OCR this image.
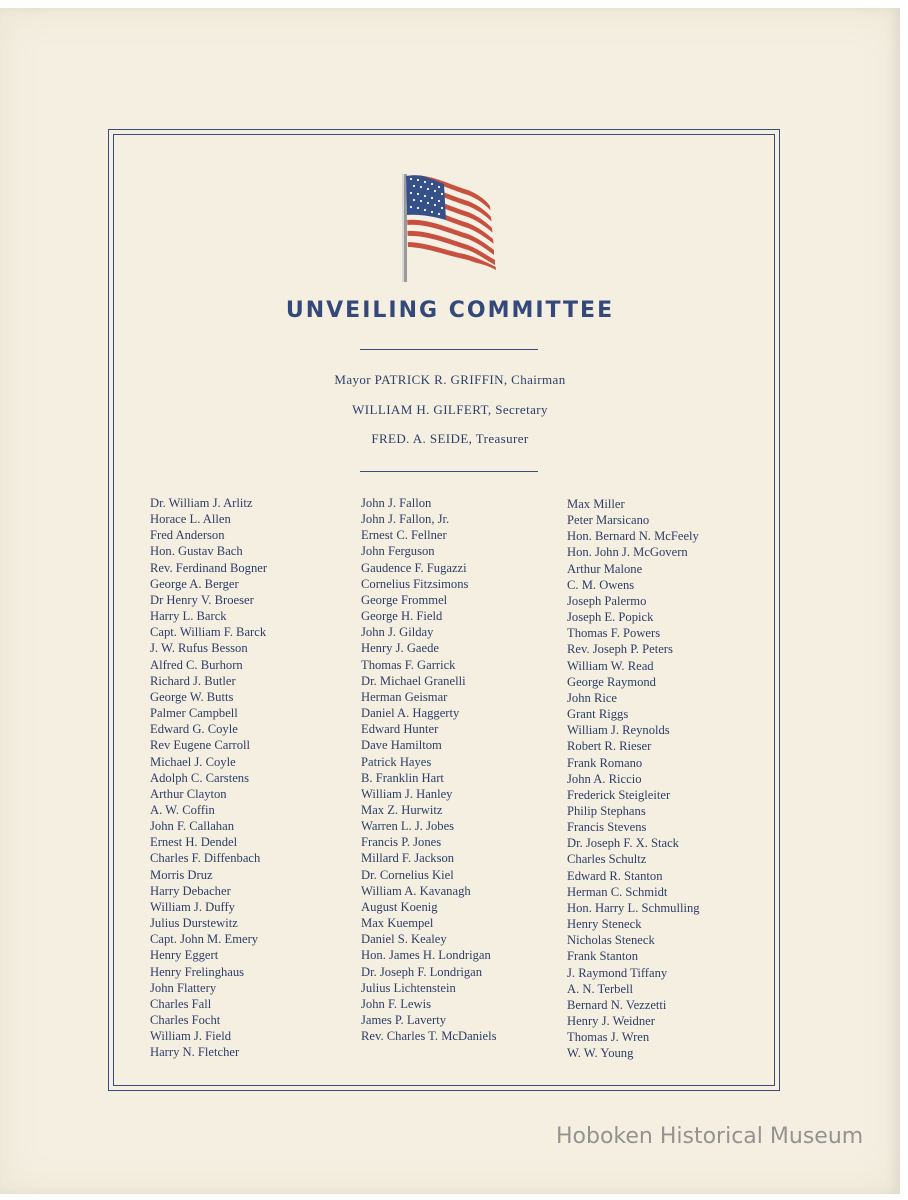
UNVEILING COMMITTEE
Mayor PATRICK R. GRIFFIN, Chairman
WILLIAM H. GILFERT, Secretary
FRED. A. SEIDE, Treasurer
Dr. William J. Arlitz
Horace L. Allen
Fred Anderson
Hon. Gustav Bach
Rev. Ferdinand Bogner
George A. Berger
Dr Henry V. Broeser
Harry L. Barck
Capt. William F. Barck
J. W. Rufus Besson
Alfred C. Burhorn
Richard J. Butler
George W. Butts
Palmer Campbell
Edward G. Coyle
Rev Eugene Carroll
Michael J. Coyle
Adolph C. Carstens
Arthur Clayton
A. W. Coffin
John F. Callahan
Ernest H. Dendel
Charles F. Diffenbach
Morris Druz
Harry Debacher
William J. Duffy
Julius Durstewitz
Capt. John M. Emery
Henry Eggert
Henry Frelinghaus
John Flattery
Charles Fall
Charles Focht
William J. Field
Harry N. Fletcher
John J. Fallon
John J. Fallon, Jr.
Ernest C. Fellner
John Ferguson
Gaudence F. Fugazzi
Cornelius Fitzsimons
George Frommel
George H. Field
John J. Gilday
Henry J. Gaede
Thomas F. Garrick
Dr. Michael Granelli
Herman Geismar
Daniel A. Haggerty
Edward Hunter
Dave Hamiltom
Patrick Hayes
B. Franklin Hart
William J. Hanley
Max Z. Hurwitz
Warren L. J. Jobes
Francis P. Jones
Millard F. Jackson
Dr. Cornelius Kiel
William A. Kavanagh
August Koenig
Max Kuempel
Daniel S. Kealey
Hon. James H. Londrigan
Dr. Joseph F. Londrigan
Julius Lichtenstein
John F. Lewis
James P. Laverty
Rev. Charles T. McDaniels
Max Miller
Peter Marsicano
Hon. Bernard N. McFeely
Hon. John J. McGovern
Arthur Malone
C. M. Owens
Joseph Palermo
Joseph E. Popick
Thomas F. Powers
Rev. Joseph P. Peters
William W. Read
George Raymond
John Rice
Grant Riggs
William J. Reynolds
Robert R. Rieser
Frank Romano
John A. Riccio
Frederick Steigleiter
Philip Stephans
Francis Stevens
Dr. Joseph F. X. Stack
Charles Schultz
Edward R. Stanton
Herman C. Schmidt
Hon. Harry L. Schmulling
Henry Steneck
Nicholas Steneck
Frank Stanton
J. Raymond Tiffany
A. N. Terbell
Bernard N. Vezzetti
Henry J. Weidner
Thomas J. Wren
W. W. Young
Hoboken Historical Museum
